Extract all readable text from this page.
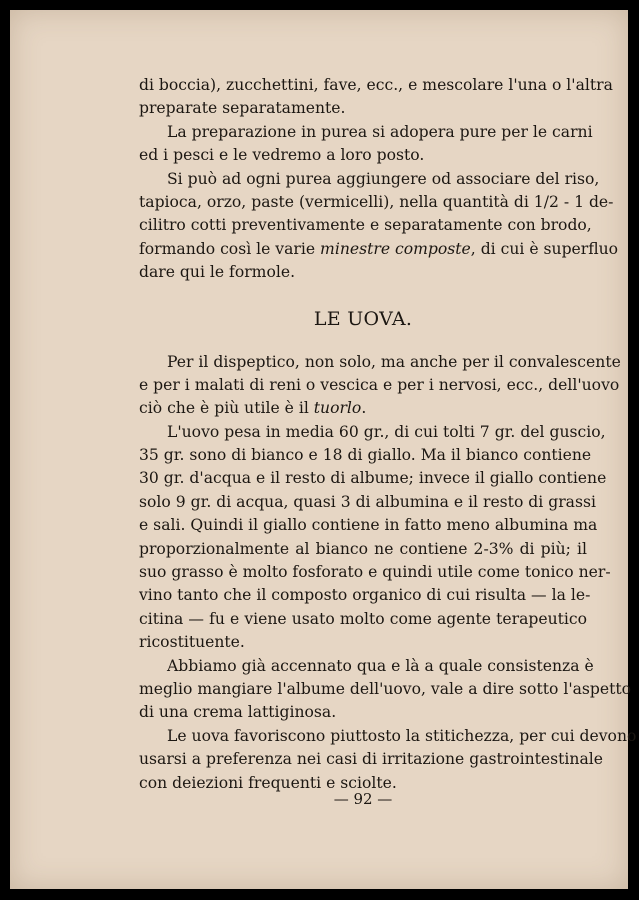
di boccia), zucchettini, fave, ecc., e mescolare l'una o l'altra
preparate separatamente.
La preparazione in purea si adopera pure per le carni
ed i pesci e le vedremo a loro posto.
Si può ad ogni purea aggiungere od associare del riso,
tapioca, orzo, paste (vermicelli), nella quantità di 1/2 - 1 de-
cilitro cotti preventivamente e separatamente con brodo,
formando così le varie minestre composte, di cui è superfluo
dare qui le formole.
LE UOVA.
Per il dispeptico, non solo, ma anche per il convalescente
e per i malati di reni o vescica e per i nervosi, ecc., dell'uovo
ciò che è più utile è il tuorlo.
L'uovo pesa in media 60 gr., di cui tolti 7 gr. del guscio,
35 gr. sono di bianco e 18 di giallo. Ma il bianco contiene
30 gr. d'acqua e il resto di albume; invece il giallo contiene
solo 9 gr. di acqua, quasi 3 di albumina e il resto di grassi
e sali. Quindi il giallo contiene in fatto meno albumina ma
proporzionalmente al bianco ne contiene 2-3% di più; il
suo grasso è molto fosforato e quindi utile come tonico ner-
vino tanto che il composto organico di cui risulta — la le-
citina — fu e viene usato molto come agente terapeutico
ricostituente.
Abbiamo già accennato qua e là a quale consistenza è
meglio mangiare l'albume dell'uovo, vale a dire sotto l'aspetto
di una crema lattiginosa.
Le uova favoriscono piuttosto la stitichezza, per cui devono
usarsi a preferenza nei casi di irritazione gastrointestinale
con deiezioni frequenti e sciolte.
— 92 —
